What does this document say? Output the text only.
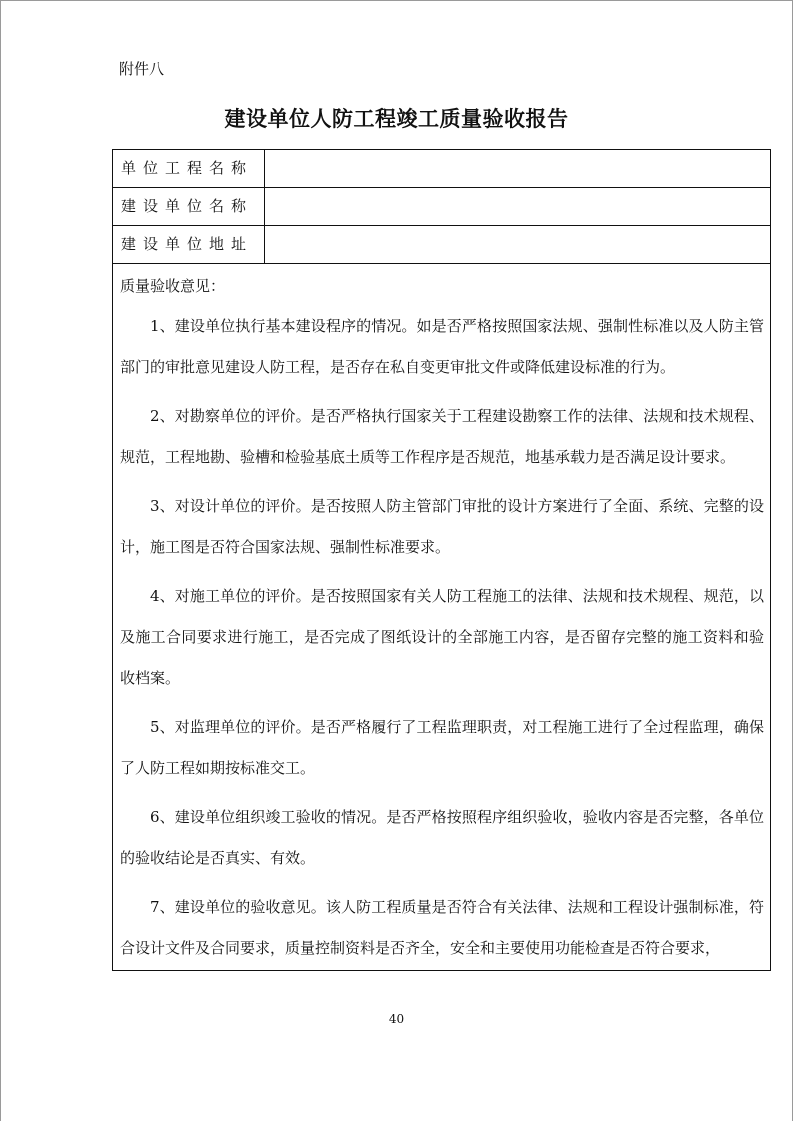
附件八
建设单位人防工程竣工质量验收报告
单位工程名称
建设单位名称
建设单位地址
质量验收意见：
1、建设单位执行基本建设程序的情况。如是否严格按照国家法规、强制性标准以及人防主管部门的审批意见建设人防工程，是否存在私自变更审批文件或降低建设标准的行为。
2、对勘察单位的评价。是否严格执行国家关于工程建设勘察工作的法律、法规和技术规程、规范，工程地勘、验槽和检验基底土质等工作程序是否规范，地基承载力是否满足设计要求。
3、对设计单位的评价。是否按照人防主管部门审批的设计方案进行了全面、系统、完整的设计，施工图是否符合国家法规、强制性标准要求。
4、对施工单位的评价。是否按照国家有关人防工程施工的法律、法规和技术规程、规范，以及施工合同要求进行施工，是否完成了图纸设计的全部施工内容，是否留存完整的施工资料和验收档案。
5、对监理单位的评价。是否严格履行了工程监理职责，对工程施工进行了全过程监理，确保了人防工程如期按标准交工。
6、建设单位组织竣工验收的情况。是否严格按照程序组织验收，验收内容是否完整，各单位的验收结论是否真实、有效。
7、建设单位的验收意见。该人防工程质量是否符合有关法律、法规和工程设计强制标准，符合设计文件及合同要求，质量控制资料是否齐全，安全和主要使用功能检查是否符合要求，
40
